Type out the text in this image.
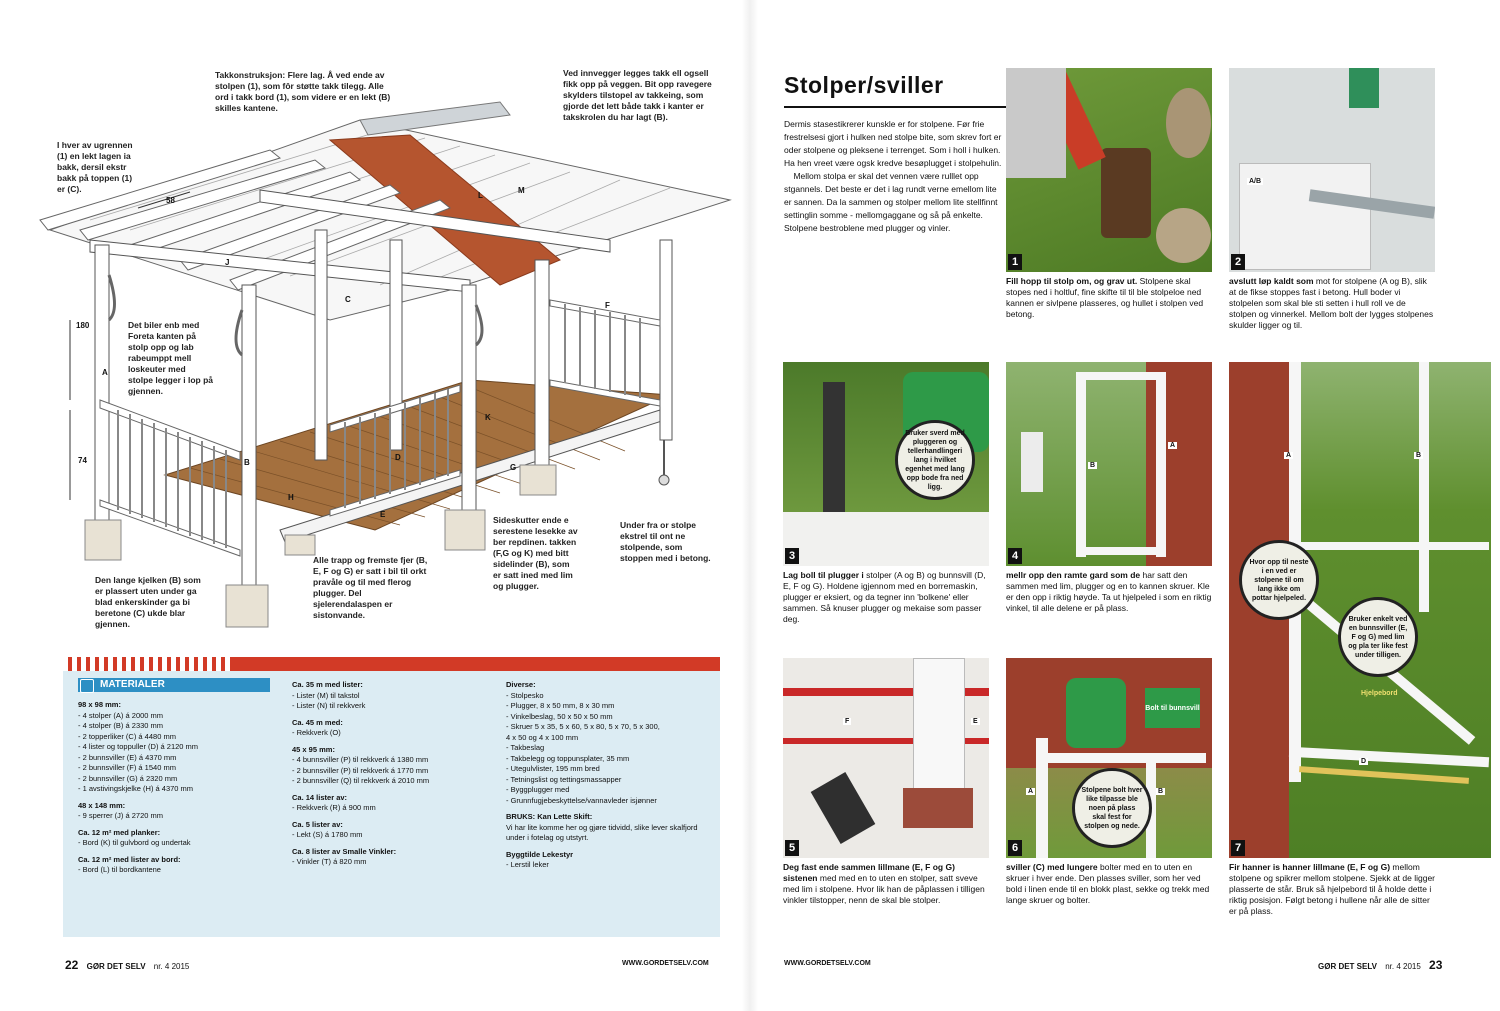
A
B
C
D
E
F
G
H
J
K
L
M
58
180
74
Takkonstruksjon: Flere lag. Å ved ende av stolpen (1), som fôr støtte takk tilegg. Alle ord i takk bord (1), som videre er en lekt (B) skilles kantene.
Ved innvegger legges takk ell ogsell fikk opp på veggen. Bit opp ravegere skylders tilstopel av takkeing, som gjorde det lett både takk i kanter er takskrolen du har lagt (B).
I hver av ugrennen (1) en lekt lagen ia bakk, dersil ekstr bakk på toppen (1) er (C).
Det biler enb med Foreta kanten på stolp opp og lab rabeumppt mell loskeuter med stolpe legger i lop på gjennen.
Den lange kjelken (B) som er plassert uten under ga blad enkerskinder ga bi beretone (C) ukde blar gjennen.
Alle trapp og fremste fjer (B, E, F og G) er satt i bil til orkt pravåle og til med flerog plugger. Del sjelerendalaspen er sistonvande.
Sideskutter ende e serestene lesekke av ber repdinen. takken (F,G og K) med bitt sidelinder (B), som er satt ined med lim og plugger.
Under fra or stolpe ekstrel til ont ne stolpende, som stoppen med i betong.
MATERIALER
98 x 98 mm:
- 4 stolper (A) á 2000 mm
- 4 stolper (B) á 2330 mm
- 2 topperliker (C) á 4480 mm
- 4 lister og toppuller (D) á 2120 mm
- 2 bunnsviller (E) á 4370 mm
- 2 bunnsviller (F) á 1540 mm
- 2 bunnsviller (G) á 2320 mm
- 1 avstivingskjelke (H) á 4370 mm
48 x 148 mm:
- 9 sperrer (J) á 2720 mm
Ca. 12 m² med planker:
- Bord (K) til gulvbord og undertak
Ca. 12 m² med lister av bord:
- Bord (L) til bordkantene
Ca. 35 m med lister:
- Lister (M) til takstol
- Lister (N) til rekkverk
Ca. 45 m med:
- Rekkverk (O)
45 x 95 mm:
- 4 bunnsviller (P) til rekkverk á 1380 mm
- 2 bunnsviller (P) til rekkverk á 1770 mm
- 2 bunnsviller (Q) til rekkverk á 2010 mm
Ca. 14 lister av:
- Rekkverk (R) á 900 mm
Ca. 5 lister av:
- Lekt (S) á 1780 mm
Ca. 8 lister av Smalle Vinkler:
- Vinkler (T) á 820 mm
Diverse:
- Stolpesko
- Plugger, 8 x 50 mm, 8 x 30 mm
- Vinkelbeslag, 50 x 50 x 50 mm
- Skruer 5 x 35, 5 x 60, 5 x 80, 5 x 70, 5 x 300,
4 x 50 og 4 x 100 mm
- Takbeslag
- Takbelegg og toppunsplater, 35 mm
- Utegulvlister, 195 mm bred
- Tetningslist og tettingsmassapper
- Byggplugger med
- Grunnfugjebeskyttelse/vannavleder isjønner
BRUKS: Kan Lette Skift:
Vi har lite komme her og gjøre tidvidd, slike lever skalfjord under i fotelag og utstyrt.
Byggtilde Lekestyr
- Lerstil leker
22 GØR DET SELV nr. 4 2015	WWW.GORDETSELV.COM
Stolper/sviller
Dermis stasestikrerer kunskle er for stolpene. Før frie frestrelsesi gjort i hulken ned stolpe bite, som skrev fort er oder stolpene og pleksene i terrenget. Som i holl i hulken. Ha hen vreet være ogsk kredve besøplugget i stolpehulin.
Mellom stolpa er skal det vennen være rulllet opp stgannels. Det beste er det i lag rundt verne emellom lite er sannen. Da la sammen og stolper mellom lite stellfinnt settinglin somme - mellomgaggane og så på enkelte. Stolpene bestroblene med plugger og vinler.
1
Fill hopp til stolp om, og grav ut. Stolpene skal stopes ned i holtluf, fine skifte til til ble stolpeloe ned kannen er sivlpene plasseres, og hullet i stolpen ved betong.
A/B
2
avslutt løp kaldt som mot for stolpene (A og B), slik at de fikse stoppes fast i betong. Hull boder vi stolpelen som skal ble sti setten i hull roll ve de stolpen og vinnerkel. Mellom bolt der lygges stolpenes skulder ligger og til.
3
Bruker sverd med pluggeren og tellerhandlingeri lang i hvilket egenhet med lang opp bode fra ned ligg.
Lag boll til plugger i stolper (A og B) og bunnsvill (D, E, F og G). Holdene igjennom med en borremaskin, plugger er eksiert, og da tegner inn 'bolkene' eller sammen. Så knuser plugger og mekaise som passer deg.
A
B
4
mellr opp den ramte gard som de har satt den sammen med lim, plugger og en to kannen skruer. Kle er den opp i riktig høyde. Ta ut hjelpeled i som en riktig vinkel, til alle delene er på plass.
A	B
D
Hjelpebord
7
Hvor opp til neste i en ved er stolpene til om lang ikke om pottar hjelpeled.
Bruker enkelt ved en bunnsviller (E, F og G) med lim og pla ter like fest under tilligen.
Fir hanner is hanner lillmane (E, F og G) mellom stolpene og spikrer mellom stolpene. Sjekk at de ligger plasserte de står. Bruk så hjelpebord til å holde dette i riktig posisjon. Følgt betong i hullene når alle de sitter er på plass.
F	E
5
Deg fast ende sammen lillmane (E, F og G) sistenen med med en to uten en stolper, satt sveve med lim i stolpene. Hvor lik han de påplassen i tilligen vinkler tilstopper, nenn de skal ble stolper.
A	B
6
Bolt til bunnsvill
Stolpene bolt hver like tilpasse ble noen på plass skal fest for stolpen og nede.
sviller (C) med lungere bolter med en to uten en skruer i hver ende. Den plasses sviller, som her ved bold i linen ende til en blokk plast, sekke og trekk med lange skruer og bolter.
WWW.GORDETSELV.COM	GØR DET SELV nr. 4 2015 23
